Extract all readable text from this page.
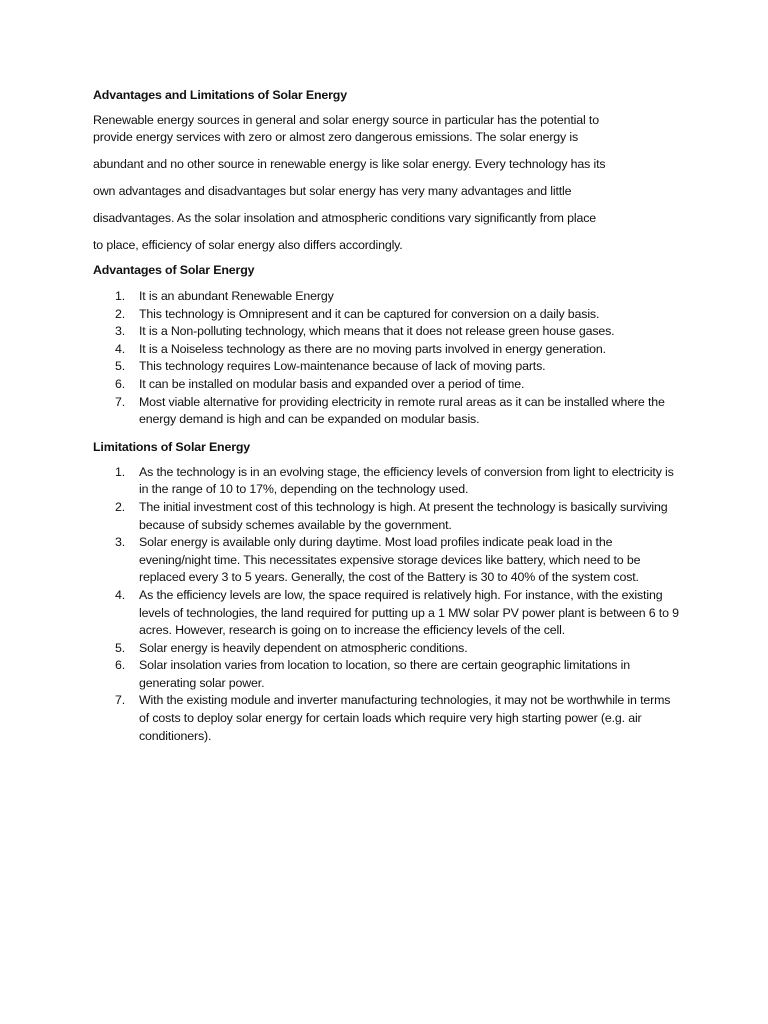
Advantages and Limitations of Solar Energy

Renewable energy sources in general and solar energy source in particular has the potential to

provide energy services with zero or almost zero dangerous emissions. The solar energy is

abundant and no other source in renewable energy is like solar energy. Every technology has its

own advantages and disadvantages but solar energy has very many advantages and little

disadvantages. As the solar insolation and atmospheric conditions vary significantly from place

to place, efficiency of solar energy also differs accordingly.

Advantages of Solar Energy
1. It is an abundant Renewable Energy
2. This technology is Omnipresent and it can be captured for conversion on a daily basis.
3. It is a Non-polluting technology, which means that it does not release green house gases.
4. It is a Noiseless technology as there are no moving parts involved in energy generation.
5. This technology requires Low-maintenance because of lack of moving parts.
6. It can be installed on modular basis and expanded over a period of time.
7. Most viable alternative for providing electricity in remote rural areas as it can be installed where the energy demand is high and can be expanded on modular basis.
Limitations of Solar Energy
1. As the technology is in an evolving stage, the efficiency levels of conversion from light to electricity is in the range of 10 to 17%, depending on the technology used.
2. The initial investment cost of this technology is high. At present the technology is basically surviving because of subsidy schemes available by the government.
3. Solar energy is available only during daytime. Most load profiles indicate peak load in the evening/night time. This necessitates expensive storage devices like battery, which need to be replaced every 3 to 5 years. Generally, the cost of the Battery is 30 to 40% of the system cost.
4. As the efficiency levels are low, the space required is relatively high. For instance, with the existing levels of technologies, the land required for putting up a 1 MW solar PV power plant is between 6 to 9 acres. However, research is going on to increase the efficiency levels of the cell.
5. Solar energy is heavily dependent on atmospheric conditions.
6. Solar insolation varies from location to location, so there are certain geographic limitations in generating solar power.
7. With the existing module and inverter manufacturing technologies, it may not be worthwhile in terms of costs to deploy solar energy for certain loads which require very high starting power (e.g. air conditioners).
